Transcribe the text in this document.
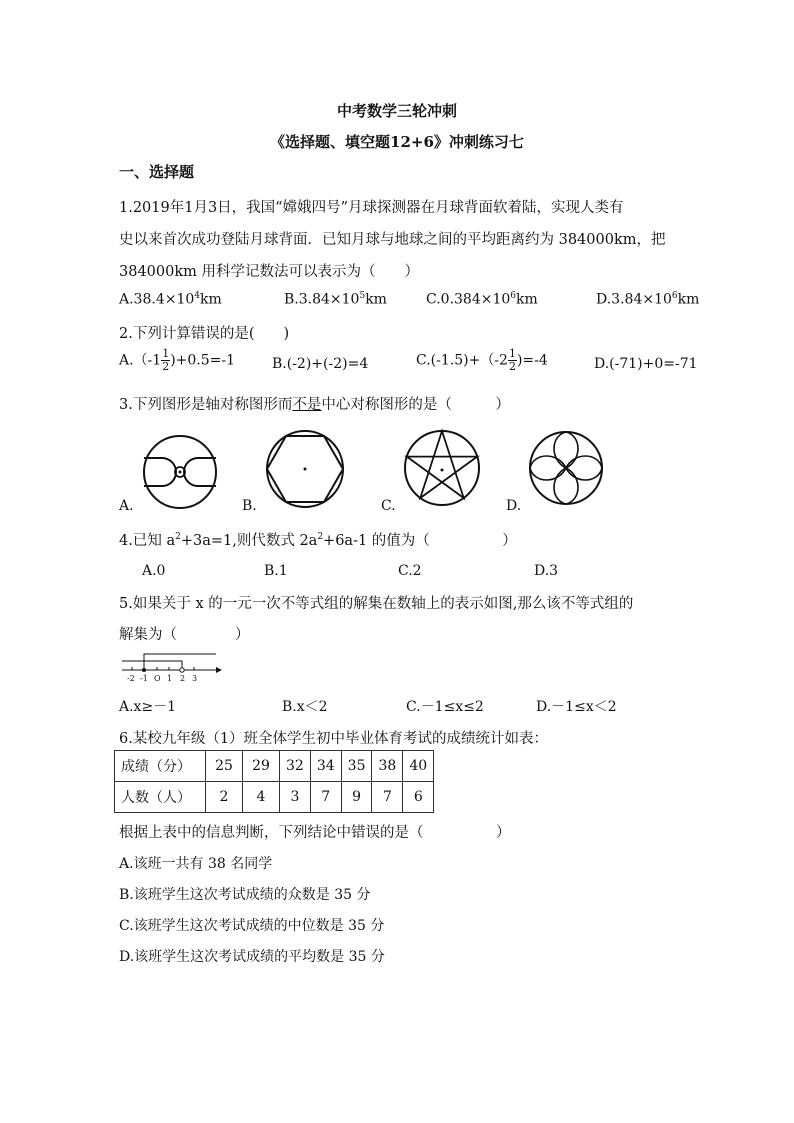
中考数学三轮冲刺
《选择题、填空题12+6》冲刺练习七
一、选择题
1.2019年1月3日，我国“嫦娥四号”月球探测器在月球背面软着陆，实现人类有
史以来首次成功登陆月球背面．已知月球与地球之间的平均距离约为 384000km，把
384000km 用科学记数法可以表示为（　　）
$A.38.4\times 10^4km$	$B.3.84\times 10^5km$	$C.0.384\times 10^6km$	$D.3.84\times 10^6km$
2.下列计算错误的是(　　)
$A.(-1 \frac{1}{2} )+0.5=-1$	B.(-2)+(-2)=4	$C.(-1.5)+(-2 \frac{1}{2} )=-4$	D.(-71)+0=-71
3.下列图形是轴对称图形而不是中心对称图形的是（　　　）
A.	B.	C.	D.
4.已知 $a^2+3a=1$,则代数式 $2a^2+6a-1$ 的值为（　　　　　）
A.0	B.1	C.2	D.3
5.如果关于 x 的一元一次不等式组的解集在数轴上的表示如图,那么该不等式组的
解集为（　　　　）
-2 -1 O 1 2 3
A.x≥－1	B.x＜2	C.－1≤x≤2	D.－1≤x＜2
6.某校九年级（1）班全体学生初中毕业体育考试的成绩统计如表：
成绩（分）	25	29	32	34	35	38	40
人数（人）	2	4	3	7	9	7	6
根据上表中的信息判断，下列结论中错误的是（　　　　　）
A.该班一共有 38 名同学
B.该班学生这次考试成绩的众数是 35 分
C.该班学生这次考试成绩的中位数是 35 分
D.该班学生这次考试成绩的平均数是 35 分
